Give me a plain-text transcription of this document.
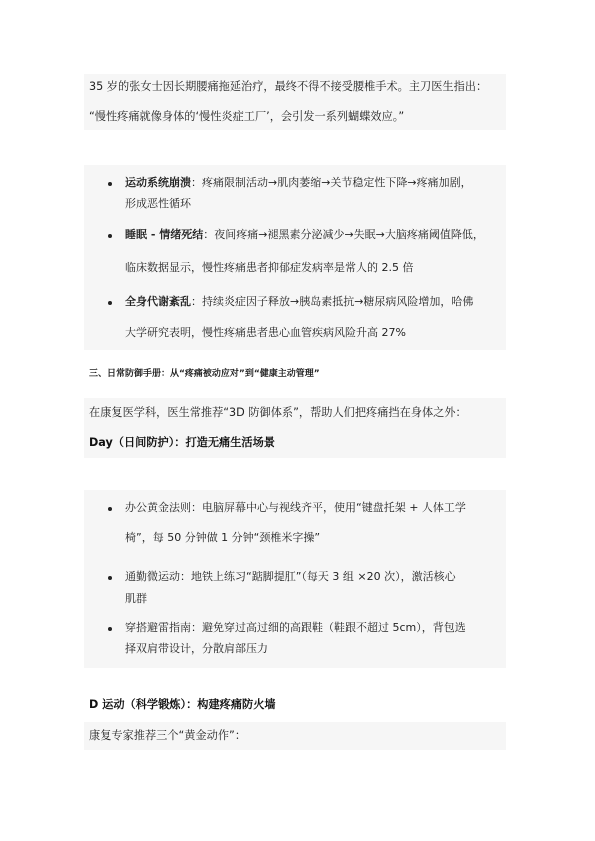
35 岁的张女士因长期腰痛拖延治疗，最终不得不接受腰椎手术。主刀医生指出：
“慢性疼痛就像身体的‘慢性炎症工厂’，会引发一系列蝴蝶效应。”
运动系统崩溃：疼痛限制活动→肌肉萎缩→关节稳定性下降→疼痛加剧，
形成恶性循环
睡眠 - 情绪死结：夜间疼痛→褪黑素分泌减少→失眠→大脑疼痛阈值降低，
临床数据显示，慢性疼痛患者抑郁症发病率是常人的 2.5 倍
全身代谢紊乱：持续炎症因子释放→胰岛素抵抗→糖尿病风险增加，哈佛
大学研究表明，慢性疼痛患者患心血管疾病风险升高 27%
三、日常防御手册：从“疼痛被动应对”到“健康主动管理”
在康复医学科，医生常推荐“3D 防御体系”，帮助人们把疼痛挡在身体之外：
Day（日间防护）：打造无痛生活场景
办公黄金法则：电脑屏幕中心与视线齐平，使用“键盘托架 + 人体工学
椅”，每 50 分钟做 1 分钟“颈椎米字操”
通勤微运动：地铁上练习“踮脚提肛”（每天 3 组 ×20 次），激活核心
肌群
穿搭避雷指南：避免穿过高过细的高跟鞋（鞋跟不超过 5cm），背包选
择双肩带设计，分散肩部压力
D 运动（科学锻炼）：构建疼痛防火墙
康复专家推荐三个“黄金动作”：
